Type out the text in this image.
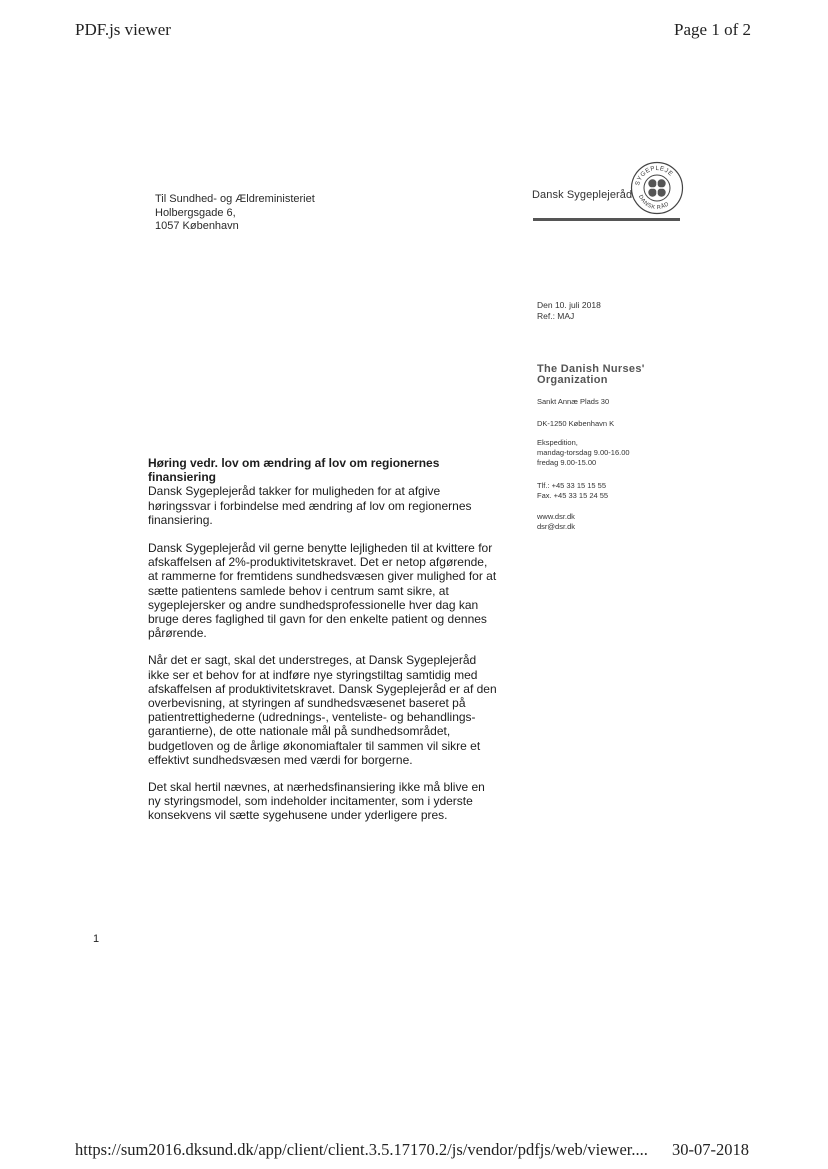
PDF.js viewer	Page 1 of 2
Til Sundhed- og Ældreministeriet
Holbergsgade 6,
1057 København
Dansk Sygeplejeråd
SYGEPLEJE
DANSK RÅD
Den 10. juli 2018
Ref.: MAJ
The Danish Nurses'
Organization
Sankt Annæ Plads 30
DK-1250 København K
Ekspedition,
mandag-torsdag 9.00-16.00
fredag 9.00-15.00
Tlf.: +45 33 15 15 55
Fax. +45 33 15 24 55
www.dsr.dk
dsr@dsr.dk
Høring vedr. lov om ændring af lov om regionernes finansiering
Dansk Sygeplejeråd takker for muligheden for at afgive høringssvar i forbindelse med ændring af lov om regionernes finansiering.

Dansk Sygeplejeråd vil gerne benytte lejligheden til at kvittere for afskaffelsen af 2%-produktivitetskravet. Det er netop afgørende, at rammerne for fremtidens sundhedsvæsen giver mulighed for at sætte patientens samlede behov i centrum samt sikre, at sygeplejersker og andre sundhedsprofessionelle hver dag kan bruge deres faglighed til gavn for den enkelte patient og dennes pårørende.

Når det er sagt, skal det understreges, at Dansk Sygeplejeråd ikke ser et behov for at indføre nye styringstiltag samtidig med afskaffelsen af produktivitetskravet. Dansk Sygeplejeråd er af den overbevisning, at styringen af sundhedsvæsenet baseret på patientrettighederne (udrednings-, venteliste- og behandlings-garantierne), de otte nationale mål på sundhedsområdet, budgetloven og de årlige økonomiaftaler til sammen vil sikre et effektivt sundhedsvæsen med værdi for borgerne.

Det skal hertil nævnes, at nærhedsfinansiering ikke må blive en ny styringsmodel, som indeholder incitamenter, som i yderste konsekvens vil sætte sygehusene under yderligere pres.

1
https://sum2016.dksund.dk/app/client/client.3.5.17170.2/js/vendor/pdfjs/web/viewer.... 30-07-2018
